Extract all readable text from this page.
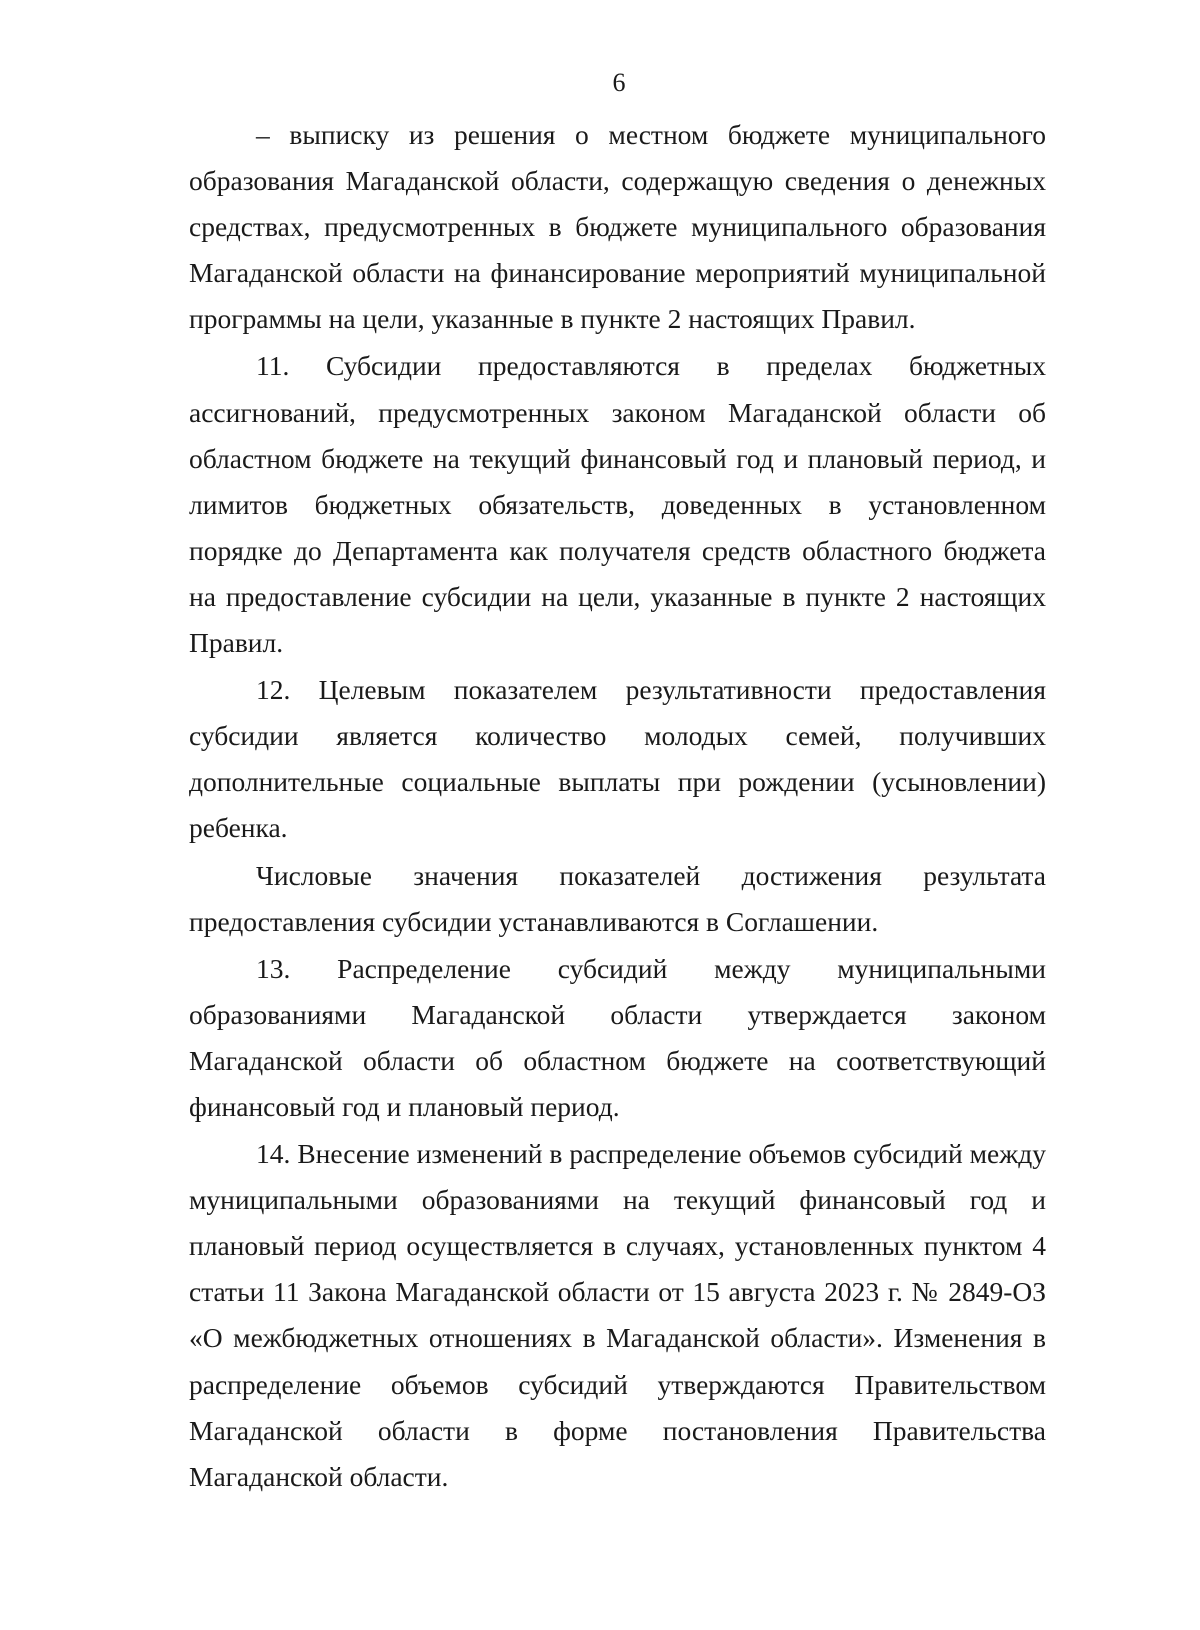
6

– выписку из решения о местном бюджете муниципального образования Магаданской области, содержащую сведения о денежных средствах, предусмотренных в бюджете муниципального образования Магаданской области на финансирование мероприятий муниципальной программы на цели, указанные в пункте 2 настоящих Правил.

11. Субсидии предоставляются в пределах бюджетных ассигнований, предусмотренных законом Магаданской области об областном бюджете на текущий финансовый год и плановый период, и лимитов бюджетных обязательств, доведенных в установленном порядке до Департамента как получателя средств областного бюджета на предоставление субсидии на цели, указанные в пункте 2 настоящих Правил.

12. Целевым показателем результативности предоставления субсидии является количество молодых семей, получивших дополнительные социальные выплаты при рождении (усыновлении) ребенка.

Числовые значения показателей достижения результата предоставления субсидии устанавливаются в Соглашении.

13. Распределение субсидий между муниципальными образованиями Магаданской области утверждается законом Магаданской области об областном бюджете на соответствующий финансовый год и плановый период.

14. Внесение изменений в распределение объемов субсидий между муниципальными образованиями на текущий финансовый год и плановый период осуществляется в случаях, установленных пунктом 4 статьи 11 Закона Магаданской области от 15 августа 2023 г. № 2849-ОЗ «О межбюджетных отношениях в Магаданской области». Изменения в распределение объемов субсидий утверждаются Правительством Магаданской области в форме постановления Правительства Магаданской области.
